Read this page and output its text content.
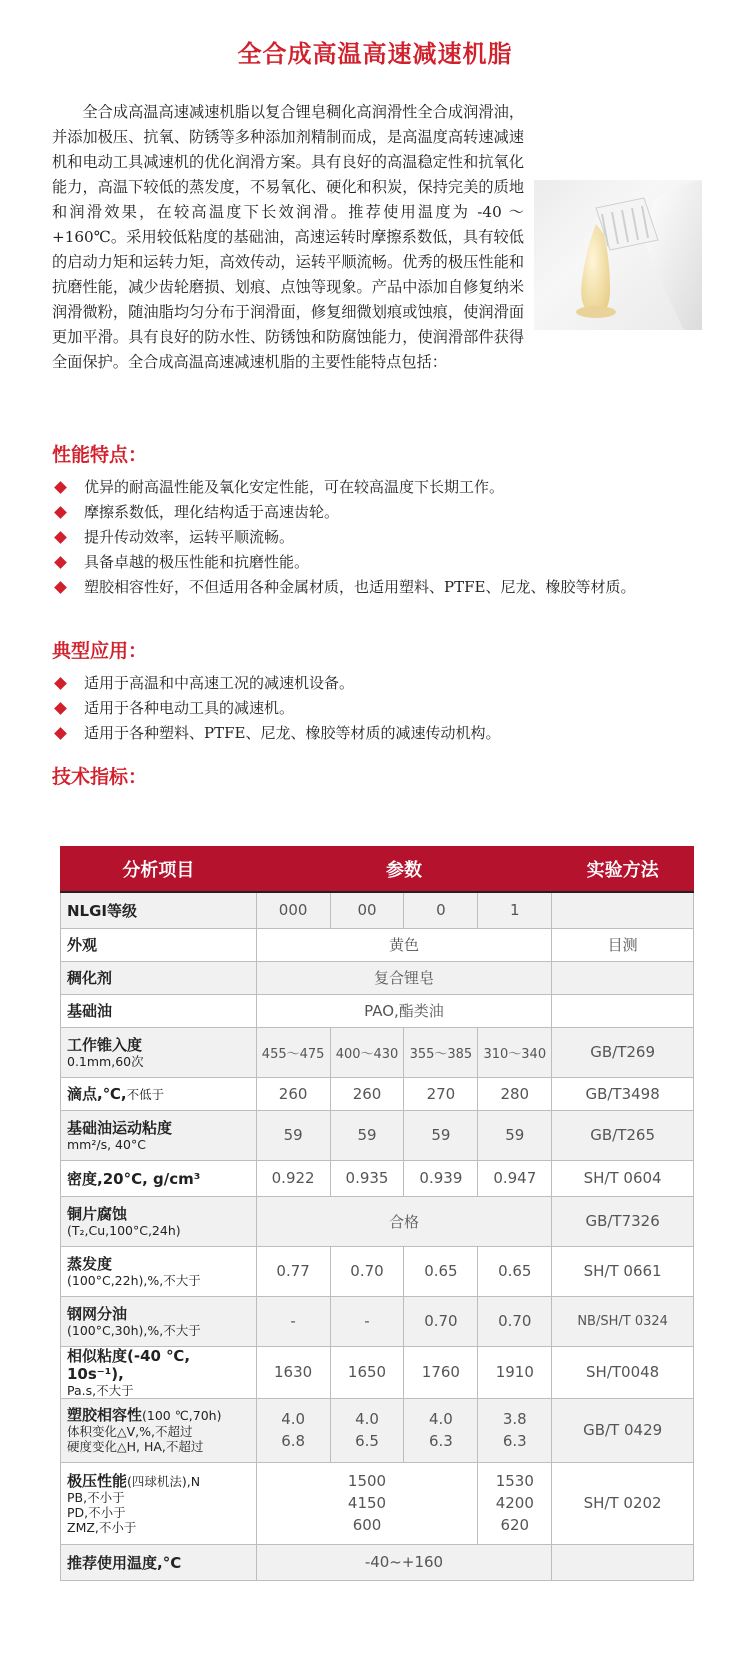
全合成高温高速减速机脂

全合成高温高速减速机脂以复合锂皂稠化高润滑性全合成润滑油，并添加极压、抗氧、防锈等多种添加剂精制而成，是高温度高转速减速机和电动工具减速机的优化润滑方案。具有良好的高温稳定性和抗氧化能力，高温下较低的蒸发度，不易氧化、硬化和积炭，保持完美的质地和润滑效果，在较高温度下长效润滑。推荐使用温度为 -40 ～ +160℃。采用较低粘度的基础油，高速运转时摩擦系数低，具有较低的启动力矩和运转力矩，高效传动，运转平顺流畅。优秀的极压性能和抗磨性能，减少齿轮磨损、划痕、点蚀等现象。产品中添加自修复纳米润滑微粉，随油脂均匀分布于润滑面，修复细微划痕或蚀痕，使润滑面更加平滑。具有良好的防水性、防锈蚀和防腐蚀能力，使润滑部件获得全面保护。全合成高温高速减速机脂的主要性能特点包括：

性能特点：
优异的耐高温性能及氧化安定性能，可在较高温度下长期工作。
摩擦系数低，理化结构适于高速齿轮。
提升传动效率，运转平顺流畅。
具备卓越的极压性能和抗磨性能。
塑胶相容性好，不但适用各种金属材质，也适用塑料、PTFE、尼龙、橡胶等材质。
典型应用：
适用于高温和中高速工况的减速机设备。
适用于各种电动工具的减速机。
适用于各种塑料、PTFE、尼龙、橡胶等材质的减速传动机构。
技术指标：
分析项目	参数				实验方法
NLGI等级	000	00	0	1	
外观	黄色				目测
稠化剂	复合锂皂				
基础油	PAO,酯类油				
工作锥入度
0.1mm,60次	455～475	400～430	355～385	310～340	GB/T269
滴点,℃,不低于	260	260	270	280	GB/T3498
基础油运动粘度
mm²/s, 40°C	59	59	59	59	GB/T265
密度,20°C, g/cm³	0.922	0.935	0.939	0.947	SH/T 0604
铜片腐蚀
(T₂,Cu,100°C,24h)	合格				GB/T7326
蒸发度
(100°C,22h),%,不大于	0.77	0.70	0.65	0.65	SH/T 0661
钢网分油
(100°C,30h),%,不大于	-	-	0.70	0.70	NB/SH/T 0324
相似粘度(-40 ℃, 10s⁻¹),
Pa.s,不大于	1630	1650	1760	1910	SH/T0048
塑胶相容性(100 ℃,70h)
体积变化△V,%,不超过
硬度变化△H, HA,不超过	4.0
6.8	4.0
6.5	4.0
6.3	3.8
6.3	GB/T 0429
极压性能(四球机法),N
PB,不小于
PD,不小于
ZMZ,不小于	1500
4150
600			1530
4200
620	SH/T 0202
推荐使用温度,°C	-40~+160				
